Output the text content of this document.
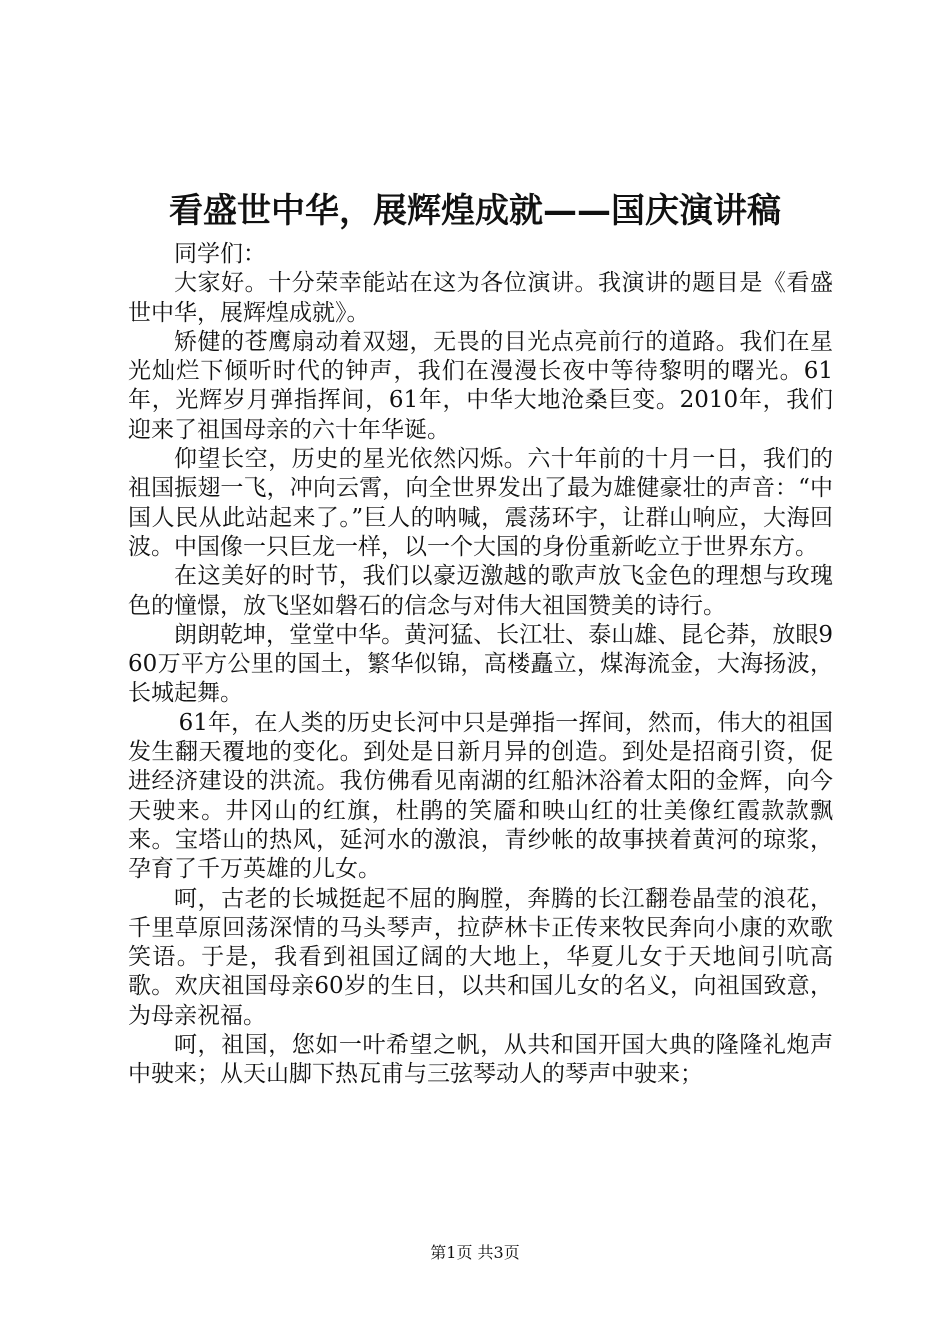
看盛世中华，展辉煌成就——国庆演讲稿

同学们：

大家好。十分荣幸能站在这为各位演讲。我演讲的题目是《看盛世中华，展辉煌成就》。

矫健的苍鹰扇动着双翅，无畏的目光点亮前行的道路。我们在星光灿烂下倾听时代的钟声，我们在漫漫长夜中等待黎明的曙光。61年，光辉岁月弹指挥间，61年，中华大地沧桑巨变。2010年，我们迎来了祖国母亲的六十年华诞。

仰望长空，历史的星光依然闪烁。六十年前的十月一日，我们的祖国振翅一飞，冲向云霄，向全世界发出了最为雄健豪壮的声音：“中国人民从此站起来了。”巨人的呐喊，震荡环宇，让群山响应，大海回波。中国像一只巨龙一样，以一个大国的身份重新屹立于世界东方。

在这美好的时节，我们以豪迈激越的歌声放飞金色的理想与玫瑰色的憧憬，放飞坚如磐石的信念与对伟大祖国赞美的诗行。

朗朗乾坤，堂堂中华。黄河猛、长江壮、泰山雄、昆仑莽，放眼960万平方公里的国土，繁华似锦，高楼矗立，煤海流金，大海扬波，长城起舞。

61年，在人类的历史长河中只是弹指一挥间，然而，伟大的祖国发生翻天覆地的变化。到处是日新月异的创造。到处是招商引资，促进经济建设的洪流。我仿佛看见南湖的红船沐浴着太阳的金辉，向今天驶来。井冈山的红旗，杜鹃的笑靥和映山红的壮美像红霞款款飘来。宝塔山的热风，延河水的激浪，青纱帐的故事挟着黄河的琼浆，孕育了千万英雄的儿女。

呵，古老的长城挺起不屈的胸膛，奔腾的长江翻卷晶莹的浪花，千里草原回荡深情的马头琴声，拉萨林卡正传来牧民奔向小康的欢歌笑语。于是，我看到祖国辽阔的大地上，华夏儿女于天地间引吭高歌。欢庆祖国母亲60岁的生日，以共和国儿女的名义，向祖国致意，为母亲祝福。

呵，祖国，您如一叶希望之帆，从共和国开国大典的隆隆礼炮声中驶来；从天山脚下热瓦甫与三弦琴动人的琴声中驶来；

第1页 共3页
